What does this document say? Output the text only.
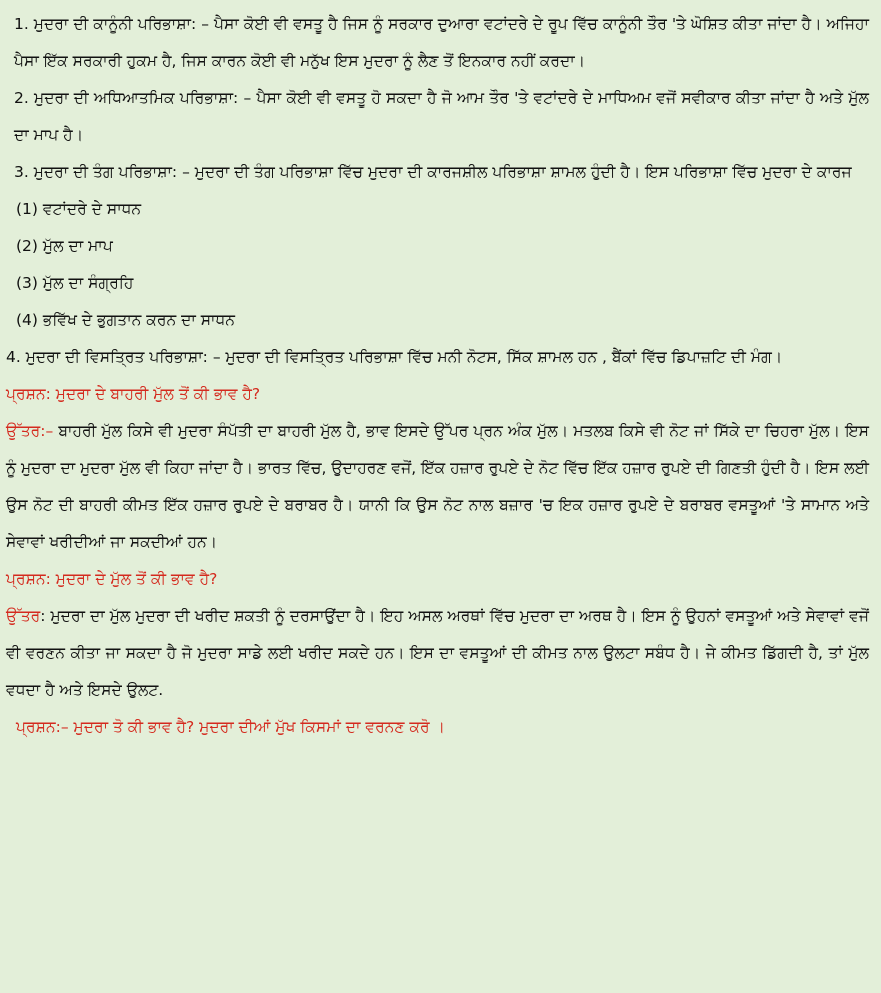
1. ਮੁਦਰਾ ਦੀ ਕਾਨੂੰਨੀ ਪਰਿਭਾਸ਼ਾ: – ਪੈਸਾ ਕੋਈ ਵੀ ਵਸਤੂ ਹੈ ਜਿਸ ਨੂੰ ਸਰਕਾਰ ਦੁਆਰਾ ਵਟਾਂਦਰੇ ਦੇ ਰੂਪ ਵਿੱਚ ਕਾਨੂੰਨੀ ਤੌਰ 'ਤੇ ਘੋਸ਼ਿਤ ਕੀਤਾ ਜਾਂਦਾ ਹੈ। ਅਜਿਹਾ ਪੈਸਾ ਇੱਕ ਸਰਕਾਰੀ ਹੁਕਮ ਹੈ, ਜਿਸ ਕਾਰਨ ਕੋਈ ਵੀ ਮਨੁੱਖ ਇਸ ਮੁਦਰਾ ਨੂੰ ਲੈਣ ਤੋਂ ਇਨਕਾਰ ਨਹੀਂ ਕਰਦਾ।

2. ਮੁਦਰਾ ਦੀ ਅਧਿਆਤਮਿਕ ਪਰਿਭਾਸ਼ਾ: – ਪੈਸਾ ਕੋਈ ਵੀ ਵਸਤੂ ਹੋ ਸਕਦਾ ਹੈ ਜੋ ਆਮ ਤੌਰ 'ਤੇ ਵਟਾਂਦਰੇ ਦੇ ਮਾਧਿਅਮ ਵਜੋਂ ਸਵੀਕਾਰ ਕੀਤਾ ਜਾਂਦਾ ਹੈ ਅਤੇ ਮੁੱਲ ਦਾ ਮਾਪ ਹੈ।

3. ਮੁਦਰਾ ਦੀ ਤੰਗ ਪਰਿਭਾਸ਼ਾ: – ਮੁਦਰਾ ਦੀ ਤੰਗ ਪਰਿਭਾਸ਼ਾ ਵਿੱਚ ਮੁਦਰਾ ਦੀ ਕਾਰਜਸ਼ੀਲ ਪਰਿਭਾਸ਼ਾ ਸ਼ਾਮਲ ਹੁੰਦੀ ਹੈ। ਇਸ ਪਰਿਭਾਸ਼ਾ ਵਿੱਚ ਮੁਦਰਾ ਦੇ ਕਾਰਜ

(1) ਵਟਾਂਦਰੇ ਦੇ ਸਾਧਨ

(2) ਮੁੱਲ ਦਾ ਮਾਪ

(3) ਮੁੱਲ ਦਾ ਸੰਗ੍ਰਹਿ

(4) ਭਵਿੱਖ ਦੇ ਭੁਗਤਾਨ ਕਰਨ ਦਾ ਸਾਧਨ

4. ਮੁਦਰਾ ਦੀ ਵਿਸਤ੍ਰਿਤ ਪਰਿਭਾਸ਼ਾ: – ਮੁਦਰਾ ਦੀ ਵਿਸਤ੍ਰਿਤ ਪਰਿਭਾਸ਼ਾ ਵਿੱਚ ਮਨੀ ਨੋਟਸ, ਸਿੱਕ ਸ਼ਾਮਲ ਹਨ , ਬੈਂਕਾਂ ਵਿੱਚ ਡਿਪਾਜ਼ਟਿ ਦੀ ਮੰਗ।

ਪ੍ਰਸ਼ਨ: ਮੁਦਰਾ ਦੇ ਬਾਹਰੀ ਮੁੱਲ ਤੋਂ ਕੀ ਭਾਵ ਹੈ?

ਉੱਤਰ:– ਬਾਹਰੀ ਮੁੱਲ ਕਿਸੇ ਵੀ ਮੁਦਰਾ ਸੰਪੱਤੀ ਦਾ ਬਾਹਰੀ ਮੁੱਲ ਹੈ, ਭਾਵ ਇਸਦੇ ਉੱਪਰ ਪ੍ਰਨ ਅੰਕ ਮੁੱਲ। ਮਤਲਬ ਕਿਸੇ ਵੀ ਨੋਟ ਜਾਂ ਸਿੱਕੇ ਦਾ ਚਿਹਰਾ ਮੁੱਲ। ਇਸ ਨੂੰ ਮੁਦਰਾ ਦਾ ਮੁਦਰਾ ਮੁੱਲ ਵੀ ਕਿਹਾ ਜਾਂਦਾ ਹੈ। ਭਾਰਤ ਵਿੱਚ, ਉਦਾਹਰਣ ਵਜੋਂ, ਇੱਕ ਹਜ਼ਾਰ ਰੁਪਏ ਦੇ ਨੋਟ ਵਿੱਚ ਇੱਕ ਹਜ਼ਾਰ ਰੁਪਏ ਦੀ ਗਿਣਤੀ ਹੁੰਦੀ ਹੈ। ਇਸ ਲਈ ਉਸ ਨੋਟ ਦੀ ਬਾਹਰੀ ਕੀਮਤ ਇੱਕ ਹਜ਼ਾਰ ਰੁਪਏ ਦੇ ਬਰਾਬਰ ਹੈ। ਯਾਨੀ ਕਿ ਉਸ ਨੋਟ ਨਾਲ ਬਜ਼ਾਰ 'ਚ ਇਕ ਹਜ਼ਾਰ ਰੁਪਏ ਦੇ ਬਰਾਬਰ ਵਸਤੂਆਂ 'ਤੇ ਸਾਮਾਨ ਅਤੇ ਸੇਵਾਵਾਂ ਖਰੀਦੀਆਂ ਜਾ ਸਕਦੀਆਂ ਹਨ।

ਪ੍ਰਸ਼ਨ: ਮੁਦਰਾ ਦੇ ਮੁੱਲ ਤੋਂ ਕੀ ਭਾਵ ਹੈ?

ਉੱਤਰ: ਮੁਦਰਾ ਦਾ ਮੁੱਲ ਮੁਦਰਾ ਦੀ ਖਰੀਦ ਸ਼ਕਤੀ ਨੂੰ ਦਰਸਾਉਂਦਾ ਹੈ। ਇਹ ਅਸਲ ਅਰਥਾਂ ਵਿੱਚ ਮੁਦਰਾ ਦਾ ਅਰਥ ਹੈ। ਇਸ ਨੂੰ ਉਹਨਾਂ ਵਸਤੂਆਂ ਅਤੇ ਸੇਵਾਵਾਂ ਵਜੋਂ ਵੀ ਵਰਣਨ ਕੀਤਾ ਜਾ ਸਕਦਾ ਹੈ ਜੋ ਮੁਦਰਾ ਸਾਡੇ ਲਈ ਖਰੀਦ ਸਕਦੇ ਹਨ। ਇਸ ਦਾ ਵਸਤੂਆਂ ਦੀ ਕੀਮਤ ਨਾਲ ਉਲਟਾ ਸਬੰਧ ਹੈ। ਜੇ ਕੀਮਤ ਡਿੱਗਦੀ ਹੈ, ਤਾਂ ਮੁੱਲ ਵਧਦਾ ਹੈ ਅਤੇ ਇਸਦੇ ਉਲਟ.

ਪ੍ਰਸ਼ਨ:– ਮੁਦਰਾ ਤੋ ਕੀ ਭਾਵ ਹੈ? ਮੁਦਰਾ ਦੀਆਂ ਮੁੱਖ ਕਿਸਮਾਂ ਦਾ ਵਰਨਣ ਕਰੋ ।
